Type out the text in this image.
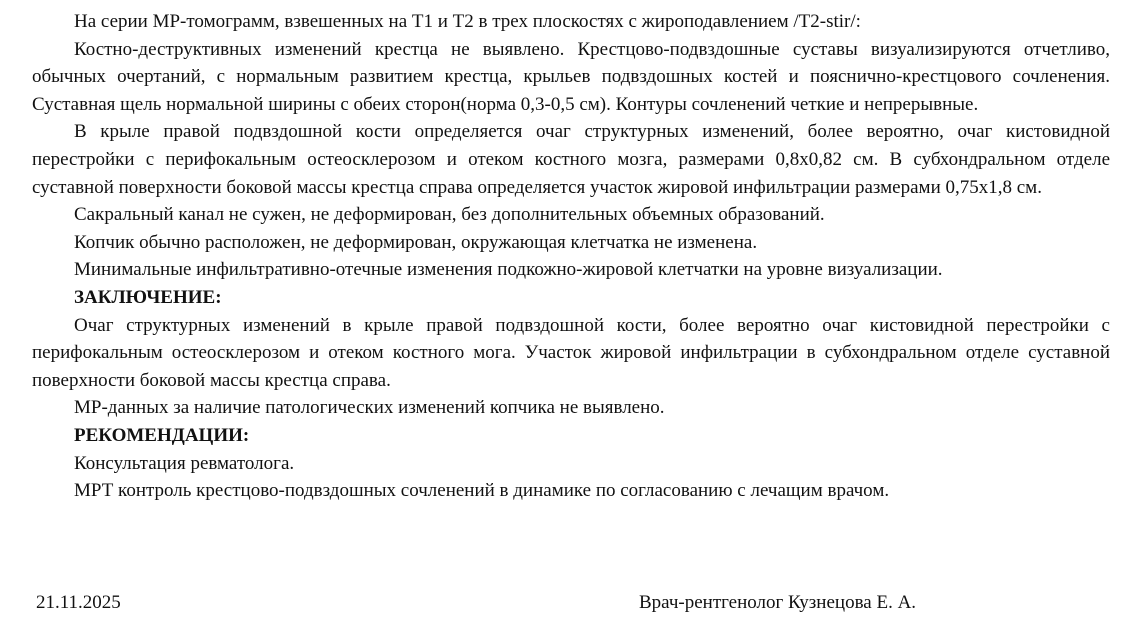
На серии МР-томограмм, взвешенных на Т1 и Т2 в трех плоскостях с жироподавлением /T2-stir/:

Костно-деструктивных изменений крестца не выявлено. Крестцово-подвздошные суставы визуализируются отчетливо, обычных очертаний, с нормальным развитием крестца, крыльев подвздошных костей и пояснично-крестцового сочленения. Суставная щель нормальной ширины с обеих сторон(норма 0,3-0,5 см). Контуры сочленений четкие и непрерывные.

В крыле правой подвздошной кости определяется очаг структурных изменений, более вероятно, очаг кистовидной перестройки с перифокальным остеосклерозом и отеком костного мозга, размерами 0,8х0,82 см. В субхондральном отделе суставной поверхности боковой массы крестца справа определяется участок жировой инфильтрации размерами 0,75х1,8 см.

Сакральный канал не сужен, не деформирован, без дополнительных объемных образований.

Копчик обычно расположен, не деформирован, окружающая клетчатка не изменена.

Минимальные инфильтративно-отечные изменения подкожно-жировой клетчатки на уровне визуализации.

ЗАКЛЮЧЕНИЕ:

Очаг структурных изменений в крыле правой подвздошной кости, более вероятно очаг кистовидной перестройки с перифокальным остеосклерозом и отеком костного мога. Участок жировой инфильтрации в субхондральном отделе суставной поверхности боковой массы крестца справа.

МР-данных за наличие патологических изменений копчика не выявлено.

РЕКОМЕНДАЦИИ:

Консультация ревматолога.

МРТ контроль крестцово-подвздошных сочленений в динамике по согласованию с лечащим врачом.

21.11.2025	Врач-рентгенолог Кузнецова Е. А.
